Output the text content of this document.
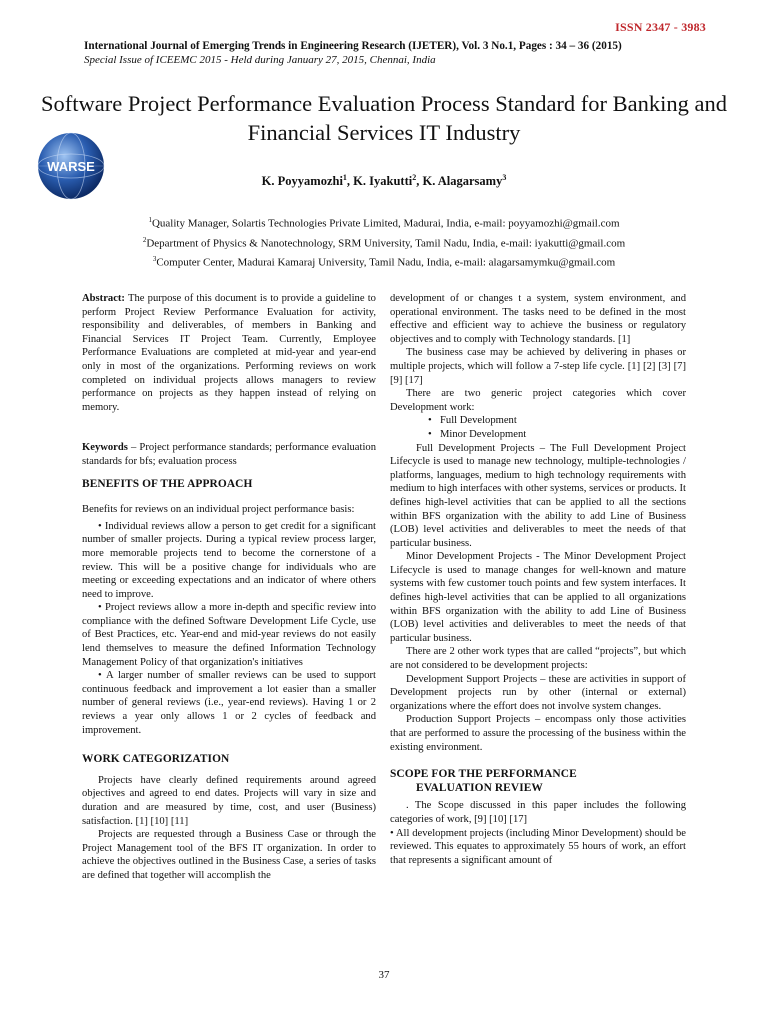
ISSN 2347 - 3983
International Journal of Emerging Trends in Engineering Research (IJETER), Vol. 3 No.1, Pages : 34 – 36 (2015)
Special Issue of ICEEMC 2015 - Held during January 27, 2015, Chennai, India
Software Project Performance Evaluation Process Standard for Banking and Financial Services IT Industry
WARSE
K. Poyyamozhi$^1$, K. Iyakutti$^2$, K. Alagarsamy$^3$
$^1$Quality Manager, Solartis Technologies Private Limited, Madurai, India, e-mail: poyyamozhi@gmail.com
$^2$Department of Physics & Nanotechnology, SRM University, Tamil Nadu, India, e-mail: iyakutti@gmail.com
$^3$Computer Center, Madurai Kamaraj University, Tamil Nadu, India, e-mail: alagarsamymku@gmail.com

Abstract: The purpose of this document is to provide a guideline to perform Project Review Performance Evaluation for activity, responsibility and deliverables, of members in Banking and Financial Services IT Project Team. Currently, Employee Performance Evaluations are completed at mid-year and year-end only in most of the organizations. Performing reviews on work completed on individual projects allows managers to review performance on projects as they happen instead of relying on memory.

Keywords – Project performance standards; performance evaluation standards for bfs; evaluation process

BENEFITS OF THE APPROACH

Benefits for reviews on an individual project performance basis:

• Individual reviews allow a person to get credit for a significant number of smaller projects. During a typical review process larger, more memorable projects tend to become the cornerstone of a review. This will be a positive change for individuals who are meeting or exceeding expectations and an indicator of where others need to improve.

• Project reviews allow a more in-depth and specific review into compliance with the defined Software Development Life Cycle, use of Best Practices, etc. Year-end and mid-year reviews do not easily lend themselves to measure the defined Information Technology Management Policy of that organization's initiatives

• A larger number of smaller reviews can be used to support continuous feedback and improvement a lot easier than a smaller number of general reviews (i.e., year-end reviews). Having 1 or 2 reviews a year only allows 1 or 2 cycles of feedback and improvement.

WORK CATEGORIZATION

Projects have clearly defined requirements around agreed objectives and agreed to end dates. Projects will vary in size and duration and are measured by time, cost, and user (Business) satisfaction. [1] [10] [11]

Projects are requested through a Business Case or through the Project Management tool of the BFS IT organization. In order to achieve the objectives outlined in the Business Case, a series of tasks are defined that together will accomplish the

development of or changes t a system, system environment, and operational environment. The tasks need to be defined in the most effective and efficient way to achieve the business or regulatory objectives and to comply with Technology standards. [1]

The business case may be achieved by delivering in phases or multiple projects, which will follow a 7-step life cycle. [1] [2] [3] [7] [9] [17]

There are two generic project categories which cover Development work:

• Full Development
• Minor Development

Full Development Projects – The Full Development Project Lifecycle is used to manage new technology, multiple-technologies / platforms, languages, medium to high technology requirements with medium to high interfaces with other systems, services or products. It defines high-level activities that can be applied to all the sections within BFS organization with the ability to add Line of Business (LOB) level activities and deliverables to meet the needs of that particular business.

Minor Development Projects - The Minor Development Project Lifecycle is used to manage changes for well-known and mature systems with few customer touch points and few system interfaces. It defines high-level activities that can be applied to all organizations within BFS organization with the ability to add Line of Business (LOB) level activities and deliverables to meet the needs of that particular business.

There are 2 other work types that are called “projects”, but which are not considered to be development projects:

Development Support Projects – these are activities in support of Development projects run by other (internal or external) organizations where the effort does not involve system changes.

Production Support Projects – encompass only those activities that are performed to assure the processing of the business within the existing environment.

SCOPE FOR THE PERFORMANCE

EVALUATION REVIEW

. The Scope discussed in this paper includes the following categories of work, [9] [10] [17]

• All development projects (including Minor Development) should be reviewed. This equates to approximately 55 hours of work, an effort that represents a significant amount of

37
